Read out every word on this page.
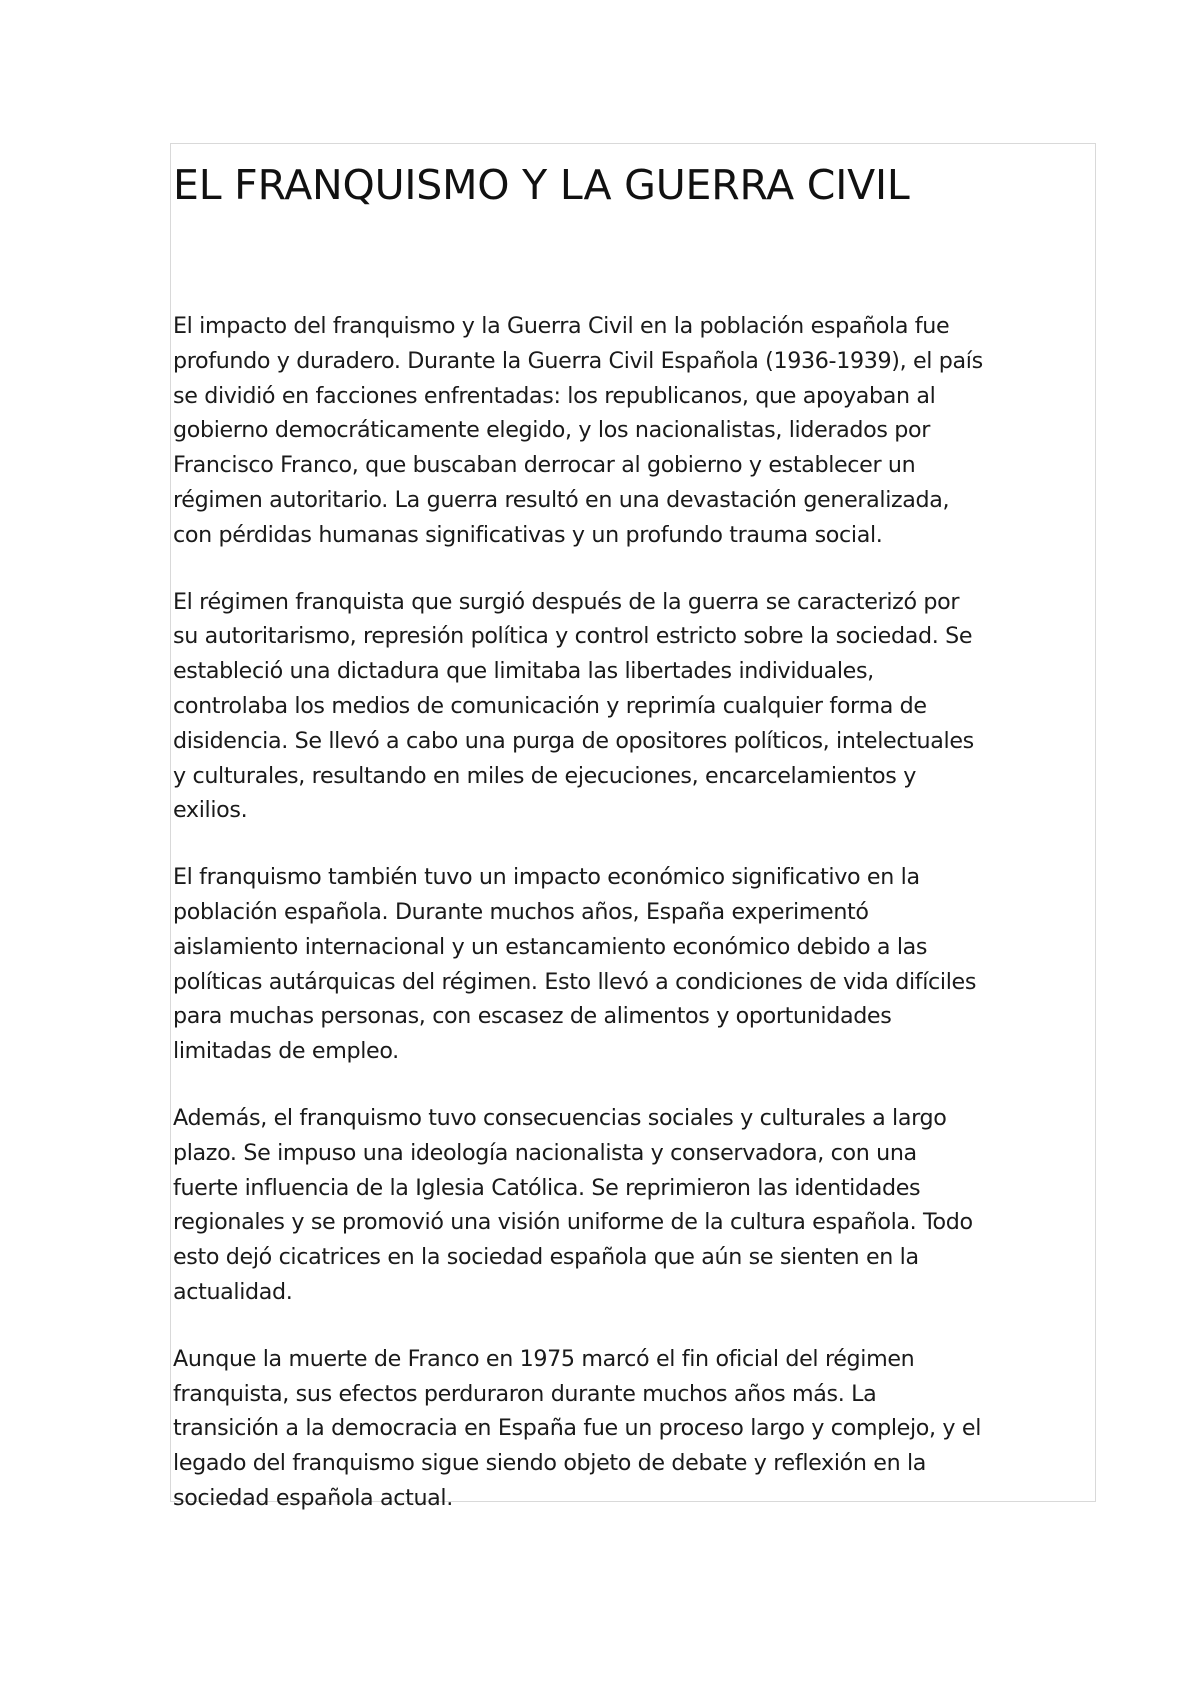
EL FRANQUISMO Y LA GUERRA CIVIL

El impacto del franquismo y la Guerra Civil en la población española fue
profundo y duradero. Durante la Guerra Civil Española (1936-1939), el país
se dividió en facciones enfrentadas: los republicanos, que apoyaban al
gobierno democráticamente elegido, y los nacionalistas, liderados por
Francisco Franco, que buscaban derrocar al gobierno y establecer un
régimen autoritario. La guerra resultó en una devastación generalizada,
con pérdidas humanas significativas y un profundo trauma social.

El régimen franquista que surgió después de la guerra se caracterizó por
su autoritarismo, represión política y control estricto sobre la sociedad. Se
estableció una dictadura que limitaba las libertades individuales,
controlaba los medios de comunicación y reprimía cualquier forma de
disidencia. Se llevó a cabo una purga de opositores políticos, intelectuales
y culturales, resultando en miles de ejecuciones, encarcelamientos y
exilios.

El franquismo también tuvo un impacto económico significativo en la
población española. Durante muchos años, España experimentó
aislamiento internacional y un estancamiento económico debido a las
políticas autárquicas del régimen. Esto llevó a condiciones de vida difíciles
para muchas personas, con escasez de alimentos y oportunidades
limitadas de empleo.

Además, el franquismo tuvo consecuencias sociales y culturales a largo
plazo. Se impuso una ideología nacionalista y conservadora, con una
fuerte influencia de la Iglesia Católica. Se reprimieron las identidades
regionales y se promovió una visión uniforme de la cultura española. Todo
esto dejó cicatrices en la sociedad española que aún se sienten en la
actualidad.

Aunque la muerte de Franco en 1975 marcó el fin oficial del régimen
franquista, sus efectos perduraron durante muchos años más. La
transición a la democracia en España fue un proceso largo y complejo, y el
legado del franquismo sigue siendo objeto de debate y reflexión en la
sociedad española actual.
